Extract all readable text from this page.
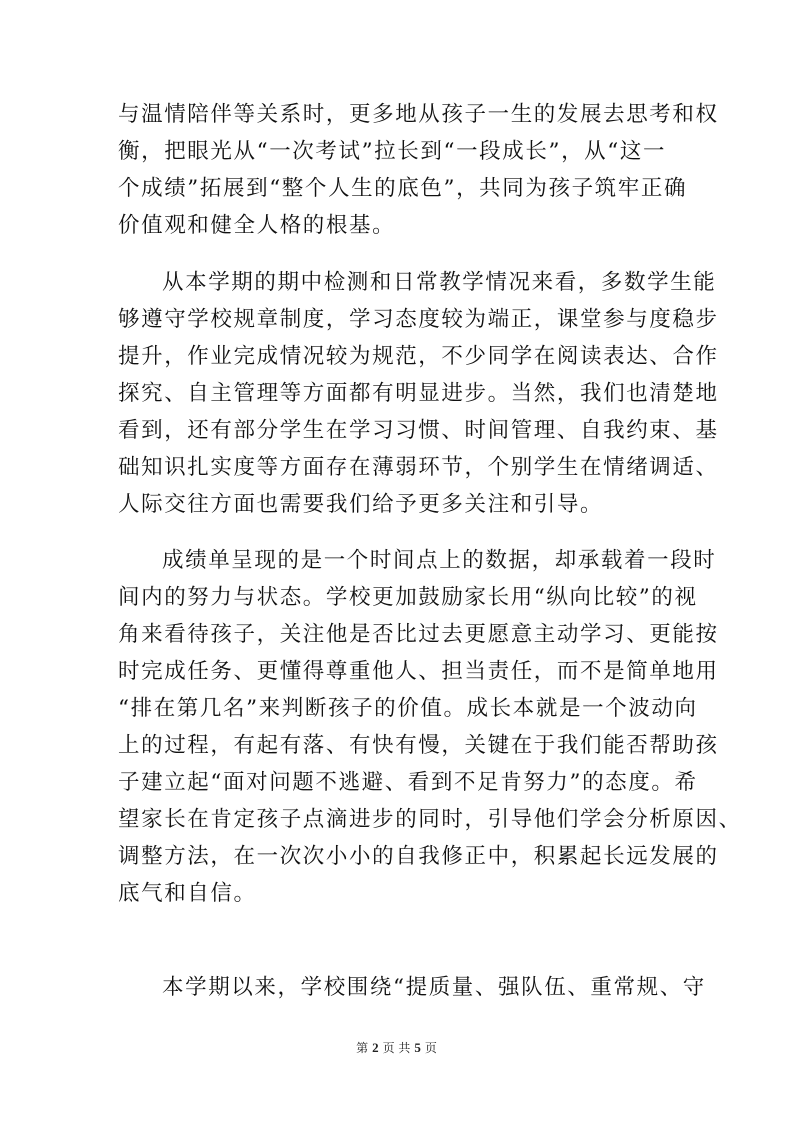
与温情陪伴等关系时，更多地从孩子一生的发展去思考和权
衡，把眼光从“一次考试”拉长到“一段成长”，从“这一
个成绩”拓展到“整个人生的底色”，共同为孩子筑牢正确
价值观和健全人格的根基。
从本学期的期中检测和日常教学情况来看，多数学生能
够遵守学校规章制度，学习态度较为端正，课堂参与度稳步
提升，作业完成情况较为规范，不少同学在阅读表达、合作
探究、自主管理等方面都有明显进步。当然，我们也清楚地
看到，还有部分学生在学习习惯、时间管理、自我约束、基
础知识扎实度等方面存在薄弱环节，个别学生在情绪调适、
人际交往方面也需要我们给予更多关注和引导。
成绩单呈现的是一个时间点上的数据，却承载着一段时
间内的努力与状态。学校更加鼓励家长用“纵向比较”的视
角来看待孩子，关注他是否比过去更愿意主动学习、更能按
时完成任务、更懂得尊重他人、担当责任，而不是简单地用
“排在第几名”来判断孩子的价值。成长本就是一个波动向
上的过程，有起有落、有快有慢，关键在于我们能否帮助孩
子建立起“面对问题不逃避、看到不足肯努力”的态度。希
望家长在肯定孩子点滴进步的同时，引导他们学会分析原因、
调整方法，在一次次小小的自我修正中，积累起长远发展的
底气和自信。
本学期以来，学校围绕“提质量、强队伍、重常规、守
第 2 页 共 5 页
